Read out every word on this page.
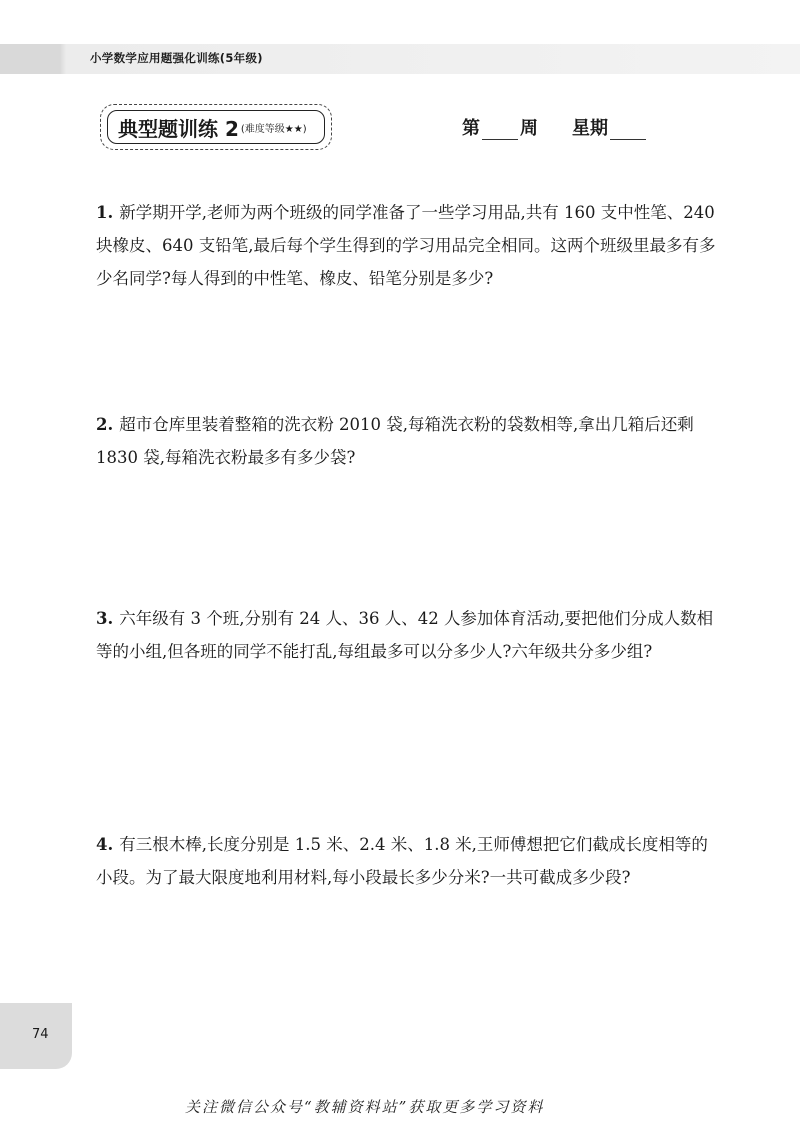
小学数学应用题强化训练(5年级)
典型题训练 2 (难度等级★★)	第 周 星期
1. 新学期开学,老师为两个班级的同学准备了一些学习用品,共有 160 支中性笔、240 块橡皮、640 支铅笔,最后每个学生得到的学习用品完全相同。这两个班级里最多有多少名同学?每人得到的中性笔、橡皮、铅笔分别是多少?
2. 超市仓库里装着整箱的洗衣粉 2010 袋,每箱洗衣粉的袋数相等,拿出几箱后还剩 1830 袋,每箱洗衣粉最多有多少袋?
3. 六年级有 3 个班,分别有 24 人、36 人、42 人参加体育活动,要把他们分成人数相等的小组,但各班的同学不能打乱,每组最多可以分多少人?六年级共分多少组?
4. 有三根木棒,长度分别是 1.5 米、2.4 米、1.8 米,王师傅想把它们截成长度相等的小段。为了最大限度地利用材料,每小段最长多少分米?一共可截成多少段?
74
关注微信公众号“教辅资料站”获取更多学习资料
